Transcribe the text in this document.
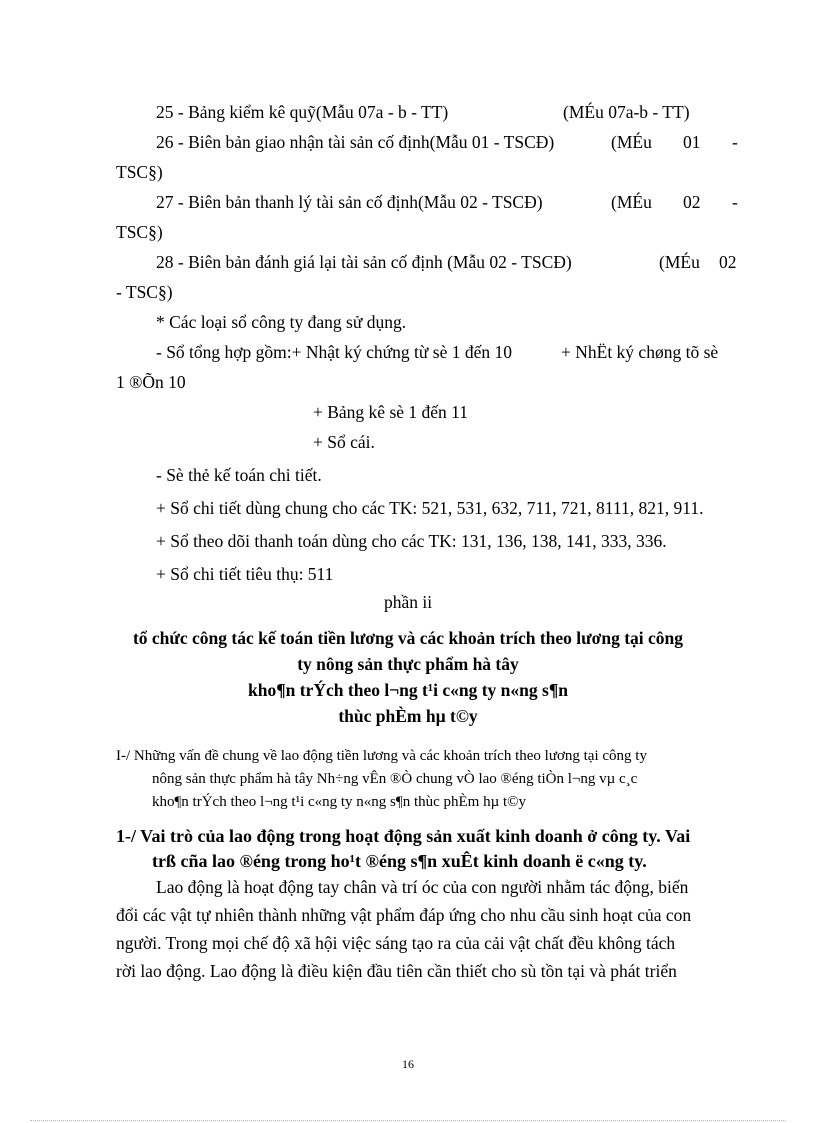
25 - Bảng kiểm kê quỹ(Mẫu 07a - b - TT)	(MÉu 07a-b - TT)
26 - Biên bản giao nhận tài sản cố định(Mẫu 01 - TSCĐ)	(MÉu 01 -
TSC§)
27 - Biên bản thanh lý tài sản cố định(Mẫu 02 - TSCĐ)	(MÉu 02 -
TSC§)
28 - Biên bản đánh giá lại tài sản cố định (Mẫu 02 - TSCĐ)	(MÉu 02
- TSC§)
* Các loại sổ công ty đang sử dụng.
- Sổ tổng hợp gồm:+ Nhật ký chứng từ sè 1 đến 10	+ NhËt ký chøng tõ sè
1 ®Õn 10
+ Bảng kê sè 1 đến 11
+ Sổ cái.
- Sè thẻ kế toán chi tiết.
+ Sổ chi tiết dùng chung cho các TK: 521, 531, 632, 711, 721, 8111, 821, 911.
+ Sổ theo dõi thanh toán dùng cho các TK: 131, 136, 138, 141, 333, 336.
+ Sổ chi tiết tiêu thụ: 511
phần ii
tổ chức công tác kế toán tiền lương và các khoản trích theo lương tại công
ty nông sản thực phẩm hà tây
kho¶n trÝch theo l¬ng t¹i c«ng ty n«ng s¶n
thùc phÈm hµ t©y
I-/ Những vấn đề chung về lao động tiền lương và các khoản trích theo lương tại công ty
nông sản thực phẩm hà tây Nh÷ng vÊn ®Ò chung vÒ lao ®éng tiÒn l¬ng vµ c¸c
kho¶n trÝch theo l¬ng t¹i c«ng ty n«ng s¶n thùc phÈm hµ t©y
1-/ Vai trò của lao động trong hoạt động sản xuất kinh doanh ở công ty. Vai
trß cña lao ®éng trong ho¹t ®éng s¶n xuÊt kinh doanh ë c«ng ty.
Lao động là hoạt động tay chân và trí óc của con người nhằm tác động, biến
đổi các vật tự nhiên thành những vật phẩm đáp ứng cho nhu cầu sinh hoạt của con
người. Trong mọi chế độ xã hội việc sáng tạo ra của cải vật chất đều không tách
rời lao động. Lao động là điều kiện đầu tiên cần thiết cho sù tồn tại và phát triển
16
